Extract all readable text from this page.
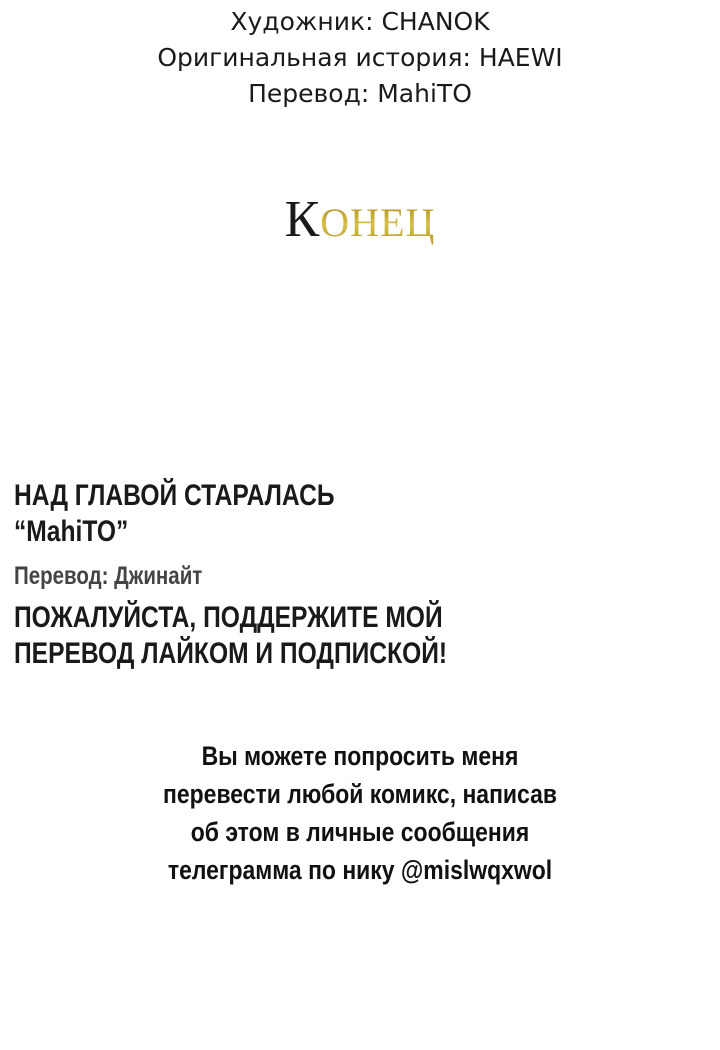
Художник: CHANOK
Оригинальная история: HAEWI
Перевод: MahiTO
КОНЕЦ
НАД ГЛАВОЙ СТАРАЛАСЬ
“MahiTO”
Перевод: Джинайт
ПОЖАЛУЙСТА, ПОДДЕРЖИТЕ МОЙ
ПЕРЕВОД ЛАЙКОМ И ПОДПИСКОЙ!
Вы можете попросить меня
перевести любой комикс, написав
об этом в личные сообщения
телеграмма по нику @mislwqxwol
